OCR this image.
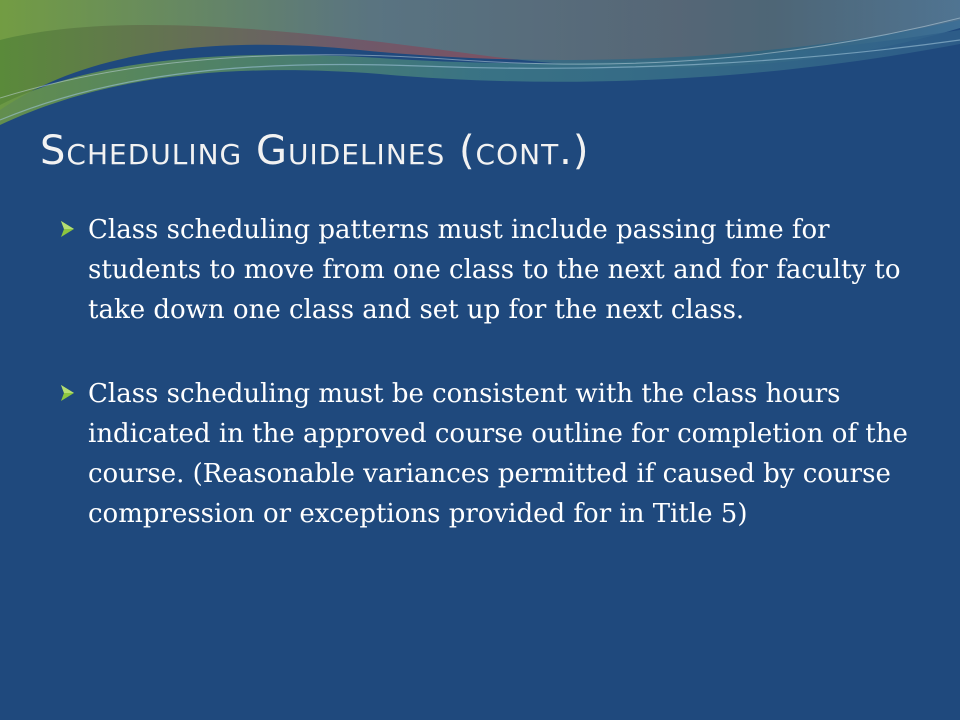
Scheduling Guidelines (cont.)
Class scheduling patterns must include passing time for students to move from one class to the next and for faculty to take down one class and set up for the next class.
Class scheduling must be consistent with the class hours indicated in the approved course outline for completion of the course. (Reasonable variances permitted if caused by course compression or exceptions provided for in Title 5)
